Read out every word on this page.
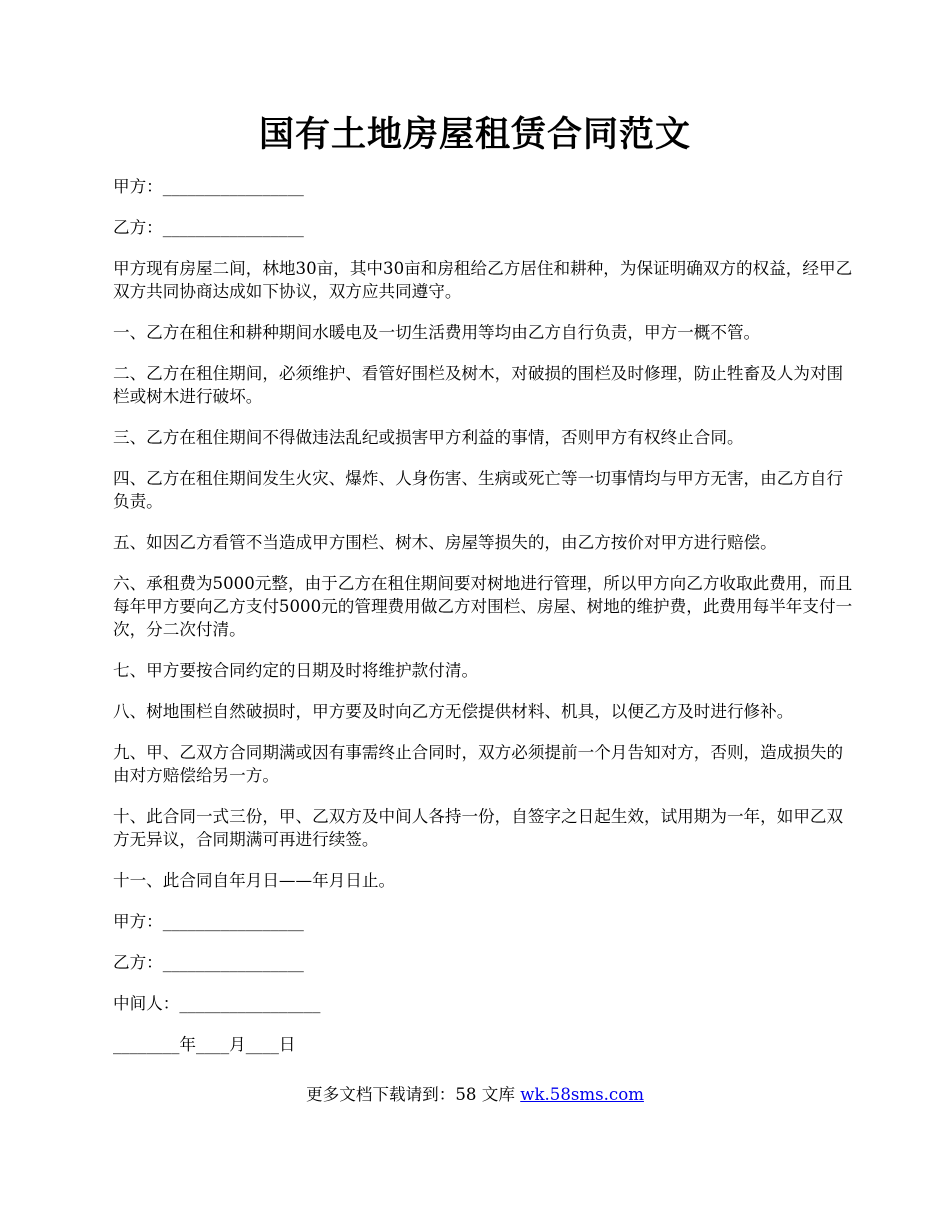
国有土地房屋租赁合同范文

甲方：_________________

乙方：_________________

甲方现有房屋二间，林地30亩，其中30亩和房租给乙方居住和耕种，为保证明确双方的权益，经甲乙双方共同协商达成如下协议，双方应共同遵守。

一、乙方在租住和耕种期间水暖电及一切生活费用等均由乙方自行负责，甲方一概不管。

二、乙方在租住期间，必须维护、看管好围栏及树木，对破损的围栏及时修理，防止牲畜及人为对围栏或树木进行破坏。

三、乙方在租住期间不得做违法乱纪或损害甲方利益的事情，否则甲方有权终止合同。

四、乙方在租住期间发生火灾、爆炸、人身伤害、生病或死亡等一切事情均与甲方无害，由乙方自行负责。

五、如因乙方看管不当造成甲方围栏、树木、房屋等损失的，由乙方按价对甲方进行赔偿。

六、承租费为5000元整，由于乙方在租住期间要对树地进行管理，所以甲方向乙方收取此费用，而且每年甲方要向乙方支付5000元的管理费用做乙方对围栏、房屋、树地的维护费，此费用每半年支付一次，分二次付清。

七、甲方要按合同约定的日期及时将维护款付清。

八、树地围栏自然破损时，甲方要及时向乙方无偿提供材料、机具，以便乙方及时进行修补。

九、甲、乙双方合同期满或因有事需终止合同时，双方必须提前一个月告知对方，否则，造成损失的由对方赔偿给另一方。

十、此合同一式三份，甲、乙双方及中间人各持一份，自签字之日起生效，试用期为一年，如甲乙双方无异议，合同期满可再进行续签。

十一、此合同自年月日——年月日止。

甲方：_________________

乙方：_________________

中间人：_________________

________年____月____日

更多文档下载请到：58 文库 wk.58sms.com
